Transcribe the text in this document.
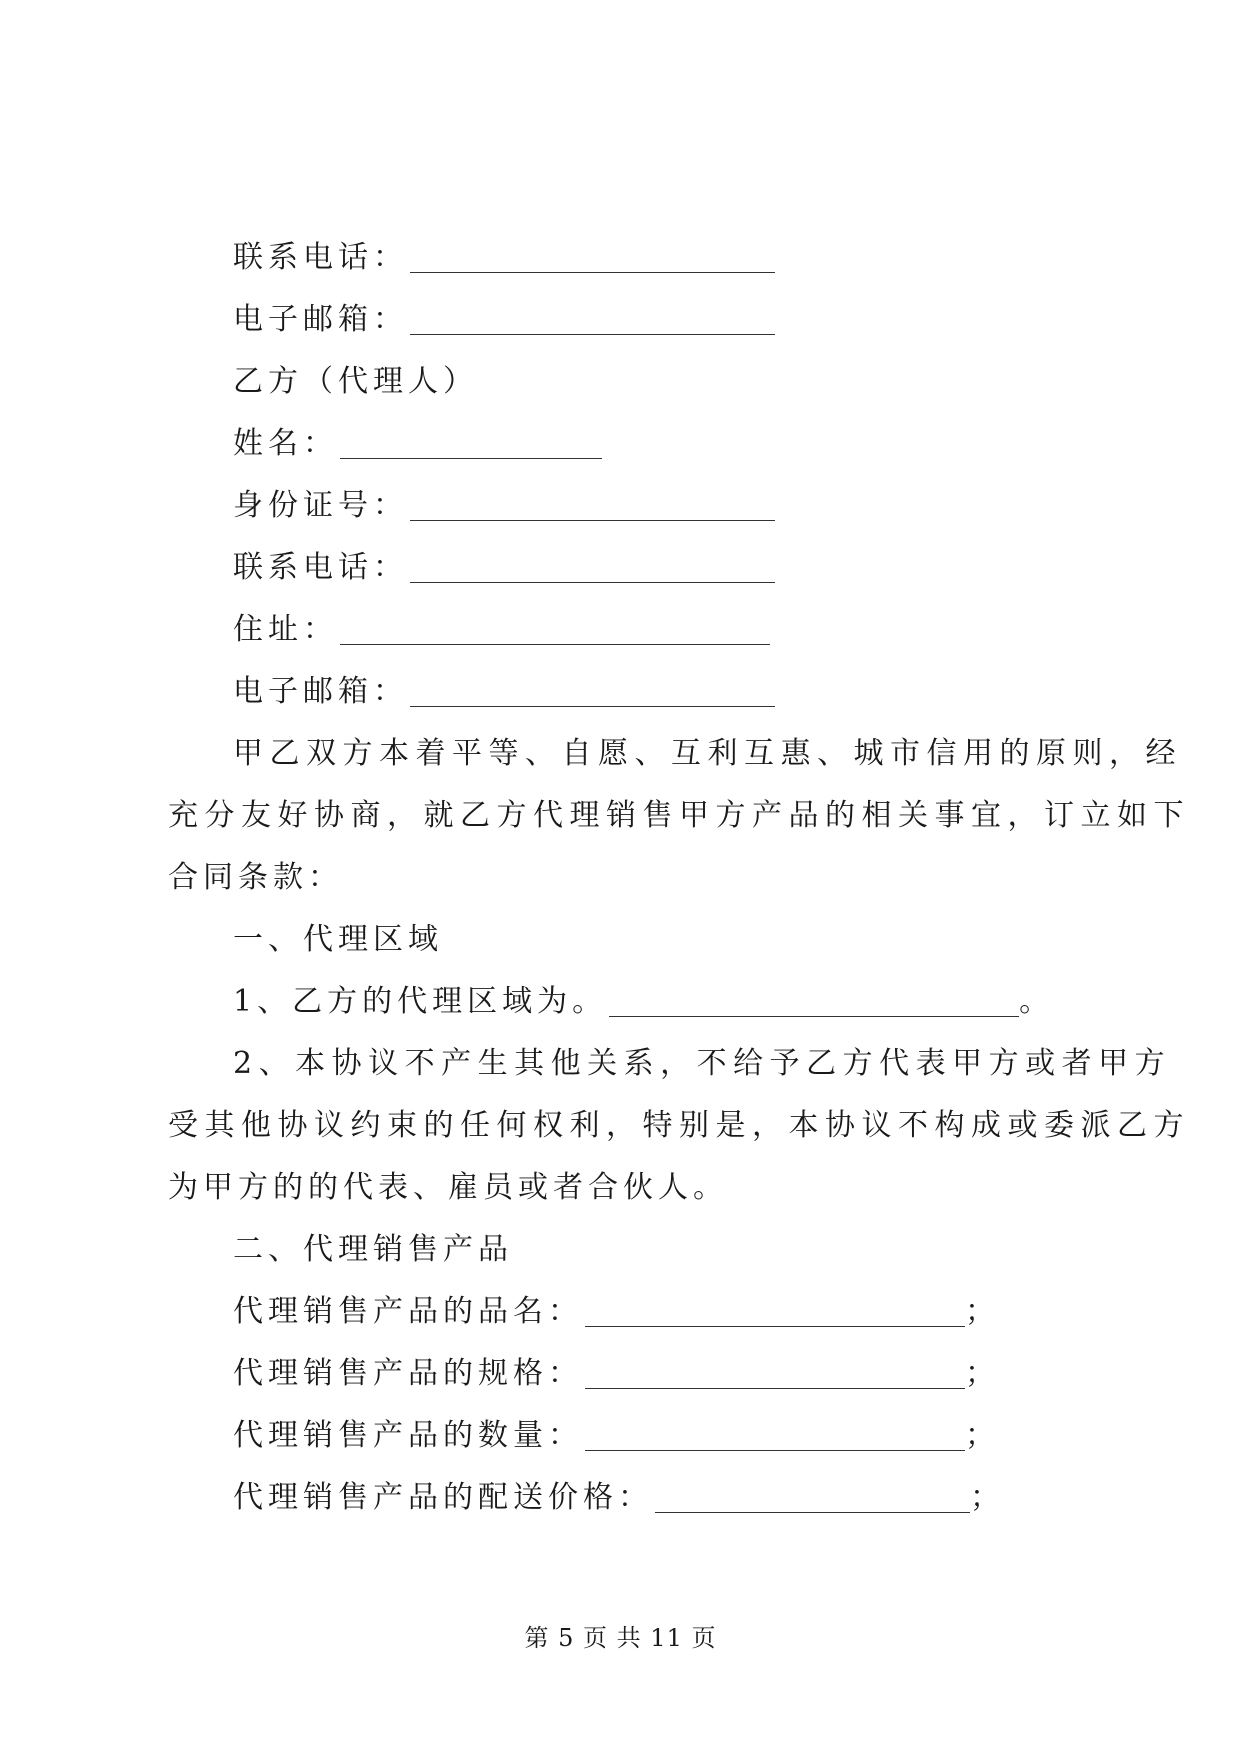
联系电话：
电子邮箱：
乙方（代理人）
姓名：
身份证号：
联系电话：
住址：
电子邮箱：
甲乙双方本着平等、自愿、互利互惠、城市信用的原则，经
充分友好协商，就乙方代理销售甲方产品的相关事宜，订立如下
合同条款：
一、代理区域
1、乙方的代理区域为。	。
2、本协议不产生其他关系，不给予乙方代表甲方或者甲方
受其他协议约束的任何权利，特别是，本协议不构成或委派乙方
为甲方的的代表、雇员或者合伙人。
二、代理销售产品
代理销售产品的品名：	；
代理销售产品的规格：	；
代理销售产品的数量：	；
代理销售产品的配送价格：	；
第 5 页 共 11 页
